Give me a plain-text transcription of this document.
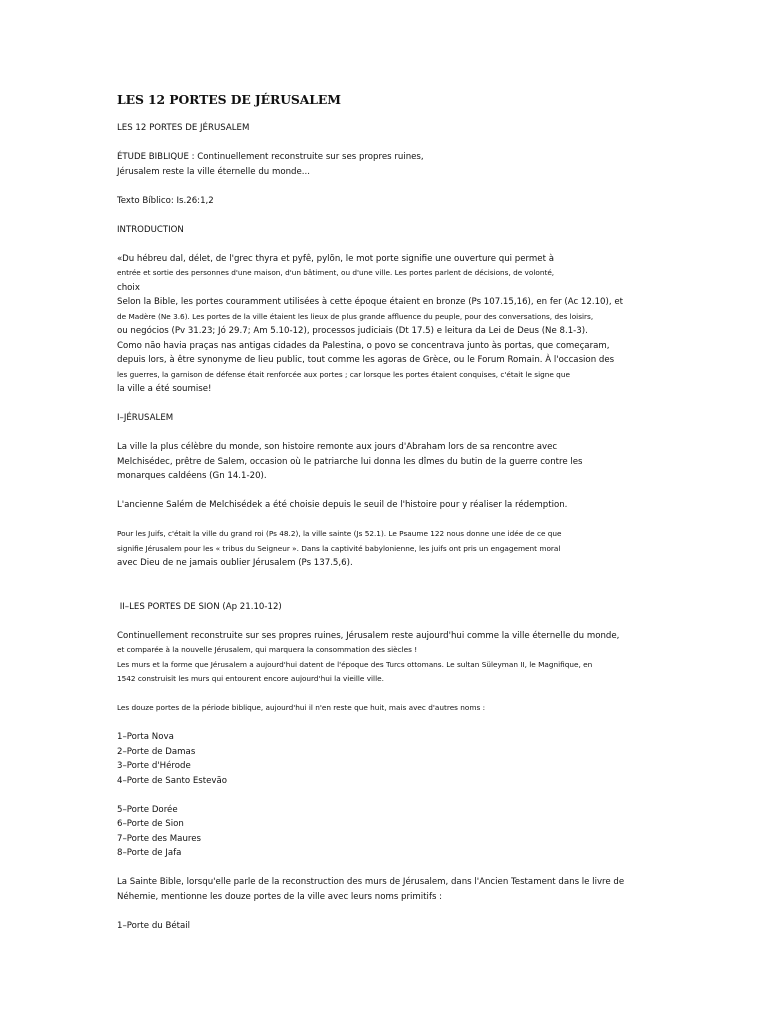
LES 12 PORTES DE JÉRUSALEM
LES 12 PORTES DE JÉRUSALEM
ÉTUDE BIBLIQUE : Continuellement reconstruite sur ses propres ruines,
Jérusalem reste la ville éternelle du monde...
Texto Bíblico: Is.26:1,2
INTRODUCTION
«Du hébreu dal, délet, de l'grec thyra et pyfê, pylõn, le mot porte signifie une ouverture qui permet à
entrée et sortie des personnes d'une maison, d'un bâtiment, ou d'une ville. Les portes parlent de décisions, de volonté,
choix
Selon la Bible, les portes couramment utilisées à cette époque étaient en bronze (Ps 107.15,16), en fer (Ac 12.10), et
de Madère (Ne 3.6). Les portes de la ville étaient les lieux de plus grande affluence du peuple, pour des conversations, des loisirs,
ou negócios (Pv 31.23; Jó 29.7; Am 5.10-12), processos judiciais (Dt 17.5) e leitura da Lei de Deus (Ne 8.1-3).
Como não havia praças nas antigas cidades da Palestina, o povo se concentrava junto às portas, que começaram,
depuis lors, à être synonyme de lieu public, tout comme les agoras de Grèce, ou le Forum Romain. À l'occasion des
les guerres, la garnison de défense était renforcée aux portes ; car lorsque les portes étaient conquises, c'était le signe que
la ville a été soumise!
I–JÉRUSALEM
La ville la plus célèbre du monde, son histoire remonte aux jours d'Abraham lors de sa rencontre avec
Melchisédec, prêtre de Salem, occasion où le patriarche lui donna les dîmes du butin de la guerre contre les
monarques caldéens (Gn 14.1-20).
L'ancienne Salém de Melchisédek a été choisie depuis le seuil de l'histoire pour y réaliser la rédemption.
Pour les Juifs, c'était la ville du grand roi (Ps 48.2), la ville sainte (Js 52.1). Le Psaume 122 nous donne une idée de ce que
signifie Jérusalem pour les « tribus du Seigneur ». Dans la captivité babylonienne, les juifs ont pris un engagement moral
avec Dieu de ne jamais oublier Jérusalem (Ps 137.5,6).
II–LES PORTES DE SION (Ap 21.10-12)
Continuellement reconstruite sur ses propres ruines, Jérusalem reste aujourd'hui comme la ville éternelle du monde,
et comparée à la nouvelle Jérusalem, qui marquera la consommation des siècles !
Les murs et la forme que Jérusalem a aujourd'hui datent de l'époque des Turcs ottomans. Le sultan Süleyman II, le Magnifique, en
1542 construisit les murs qui entourent encore aujourd'hui la vieille ville.
Les douze portes de la période biblique, aujourd'hui il n'en reste que huit, mais avec d'autres noms :
1–Porta Nova
2–Porte de Damas
3–Porte d'Hérode
4–Porte de Santo Estevão
5–Porte Dorée
6–Porte de Sion
7–Porte des Maures
8–Porte de Jafa
La Sainte Bible, lorsqu'elle parle de la reconstruction des murs de Jérusalem, dans l'Ancien Testament dans le livre de
Néhemie, mentionne les douze portes de la ville avec leurs noms primitifs :
1–Porte du Bétail
